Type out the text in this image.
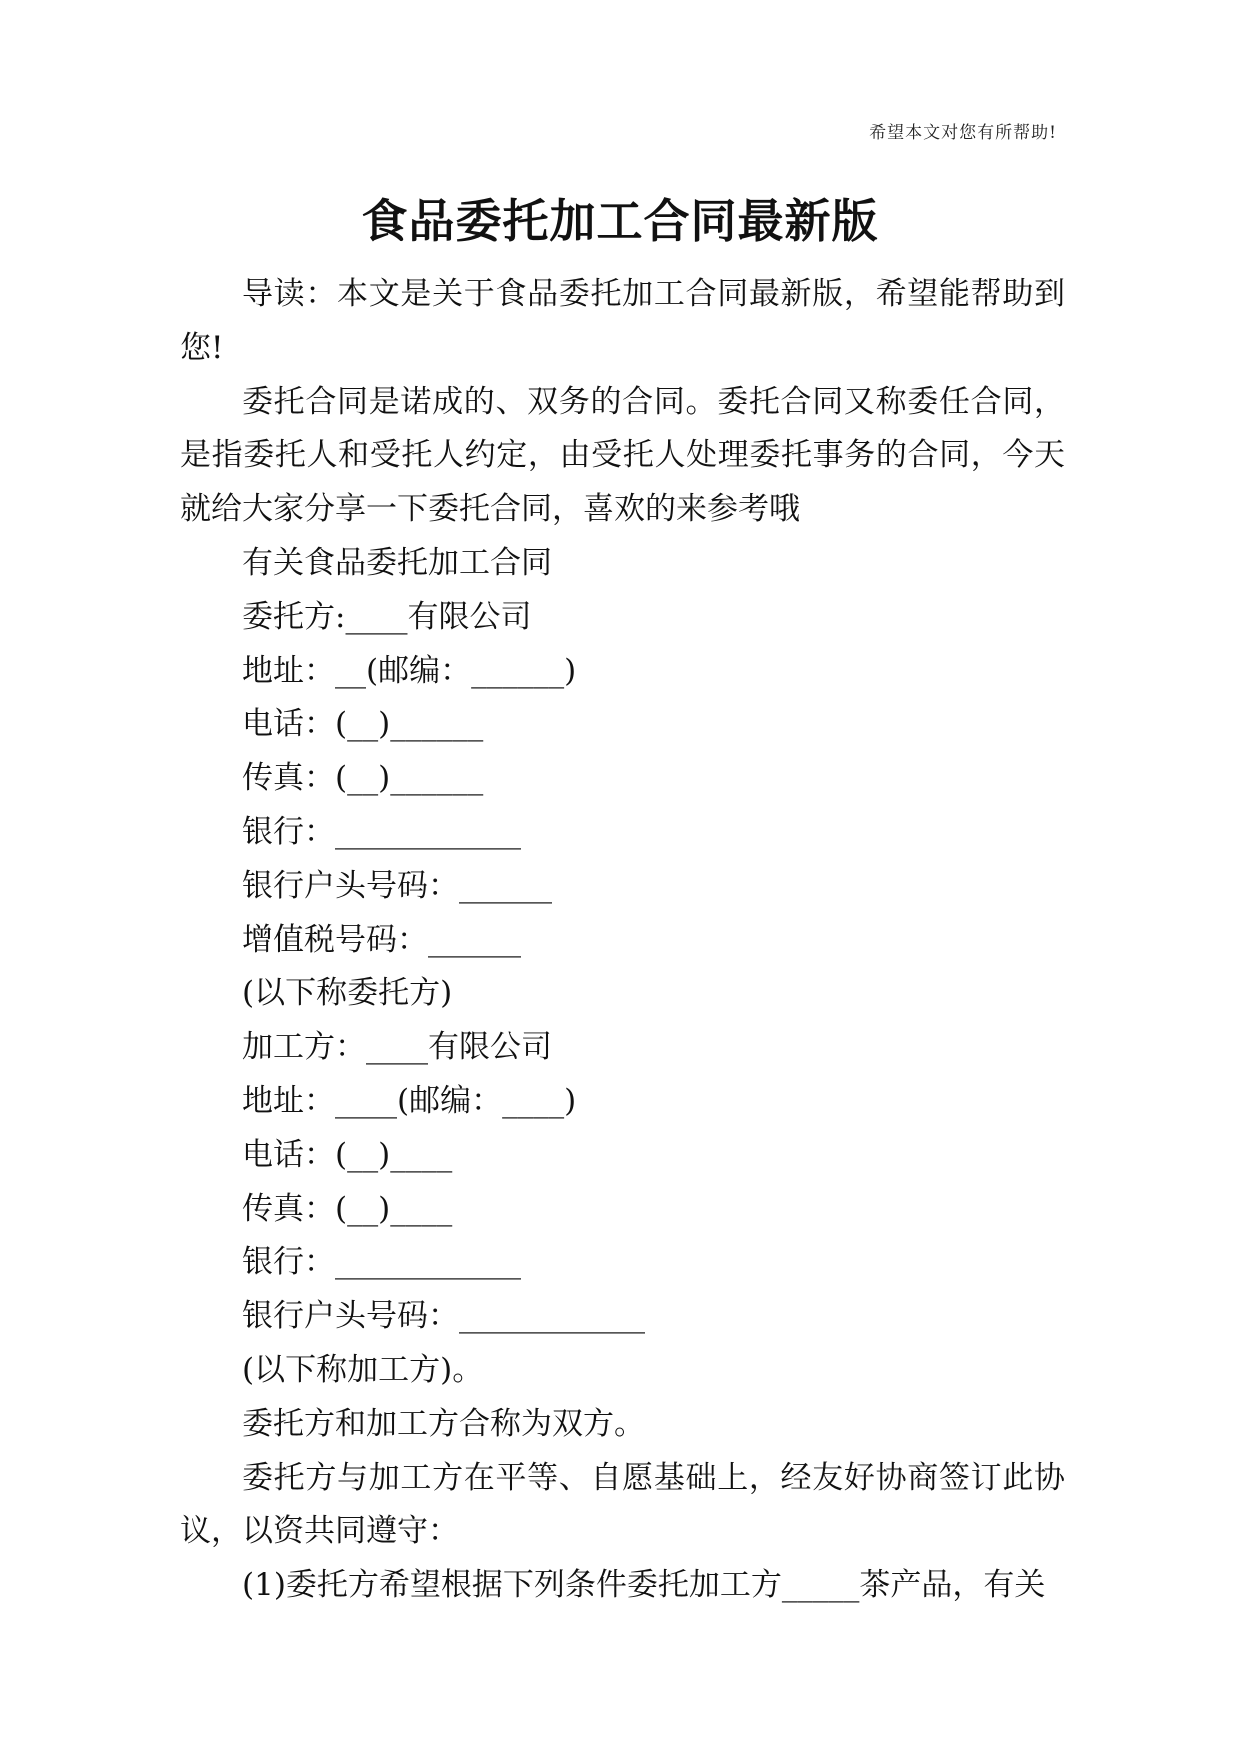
希望本文对您有所帮助!
食品委托加工合同最新版

导读：本文是关于食品委托加工合同最新版，希望能帮助到您!

委托合同是诺成的、双务的合同。委托合同又称委任合同，是指委托人和受托人约定，由受托人处理委托事务的合同，今天就给大家分享一下委托合同，喜欢的来参考哦

有关食品委托加工合同

委托方:____有限公司

地址：__(邮编：______)

电话：(__)______

传真：(__)______

银行：____________

银行户头号码：______

增值税号码：______

(以下称委托方)

加工方：____有限公司

地址：____(邮编：____)

电话：(__)____

传真：(__)____

银行：____________

银行户头号码：____________

(以下称加工方)。

委托方和加工方合称为双方。

委托方与加工方在平等、自愿基础上，经友好协商签订此协议，以资共同遵守：

(1)委托方希望根据下列条件委托加工方_____茶产品，有关
